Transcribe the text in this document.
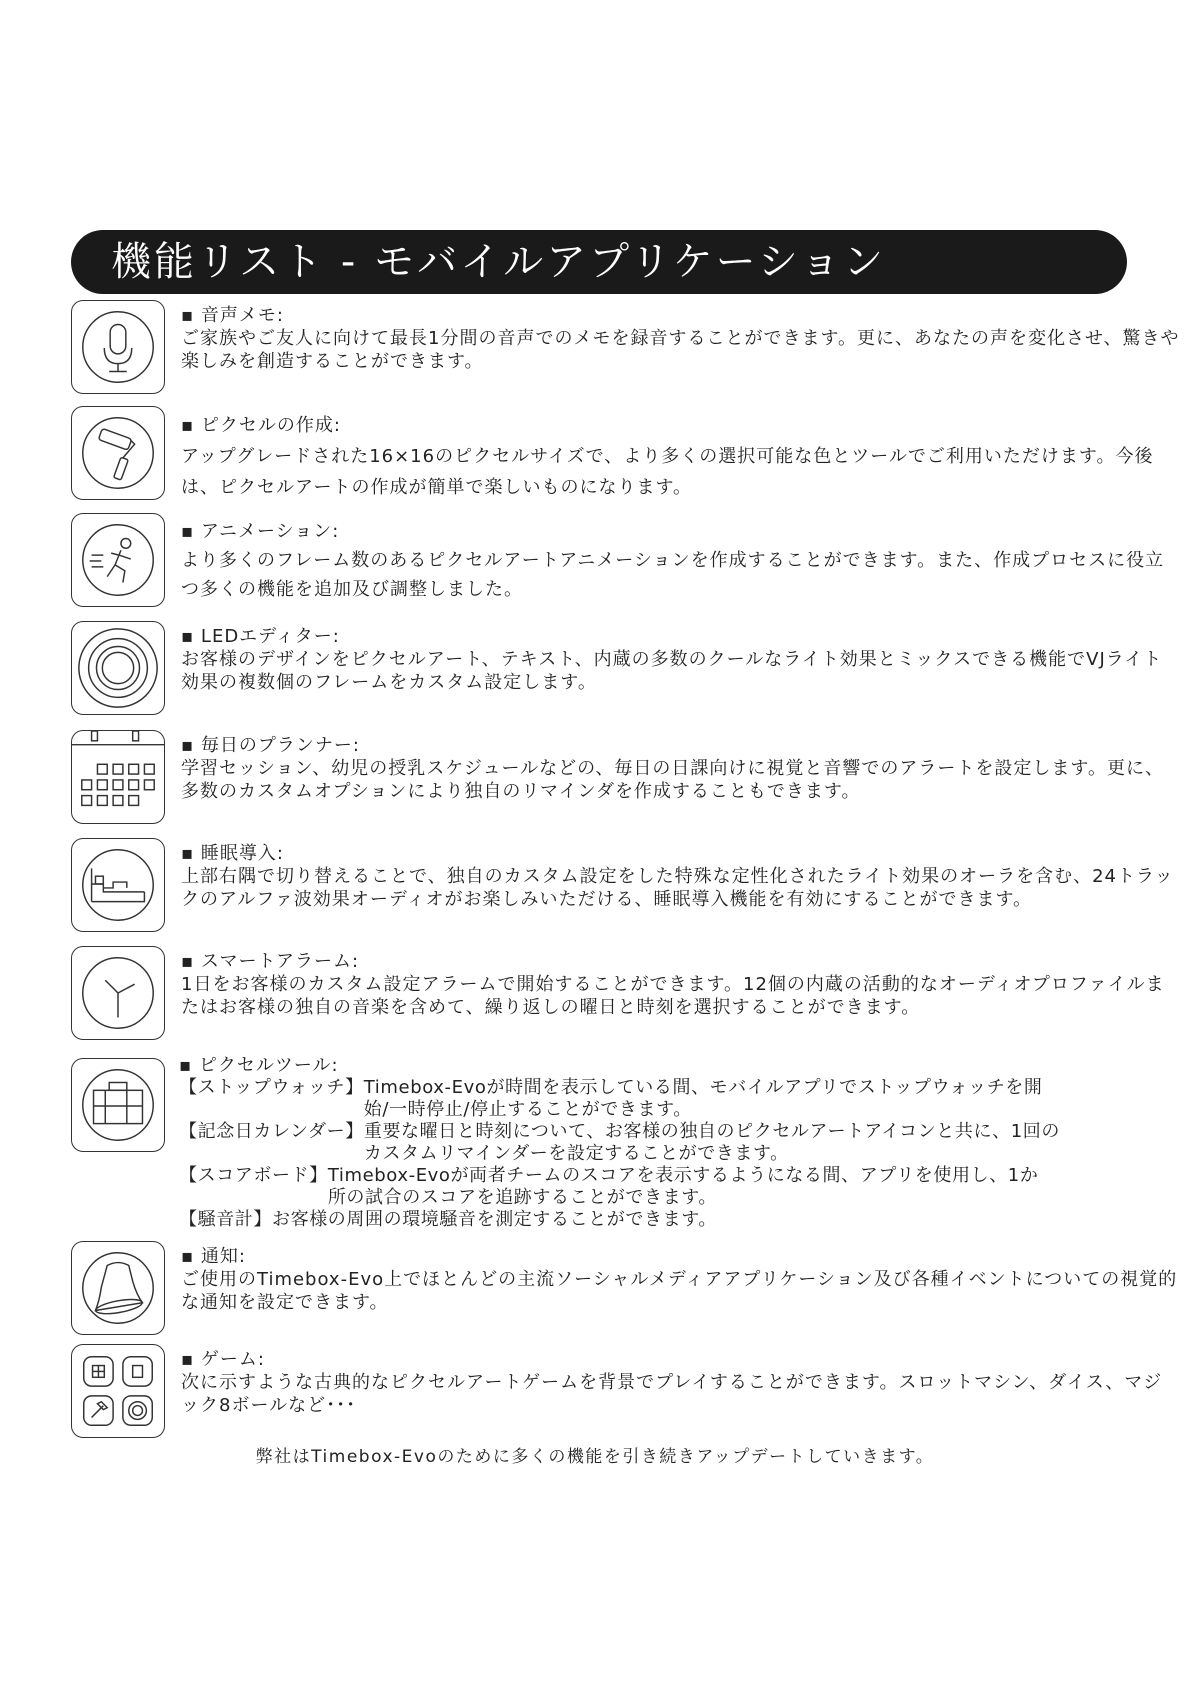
機能リスト - モバイルアプリケーション
▪ 音声メモ:
ご家族やご友人に向けて最長1分間の音声でのメモを録音することができます。更に、あなたの声を変化させ、驚きや楽しみを創造することができます。
▪ ピクセルの作成:
アップグレードされた16×16のピクセルサイズで、より多くの選択可能な色とツールでご利用いただけます。今後は、ピクセルアートの作成が簡単で楽しいものになります。
▪ アニメーション:
より多くのフレーム数のあるピクセルアートアニメーションを作成することができます。また、作成プロセスに役立つ多くの機能を追加及び調整しました。
▪ LEDエディター:
お客様のデザインをピクセルアート、テキスト、内蔵の多数のクールなライト効果とミックスできる機能でVJライト効果の複数個のフレームをカスタム設定します。
▪ 毎日のプランナー:
学習セッション、幼児の授乳スケジュールなどの、毎日の日課向けに視覚と音響でのアラートを設定します。更に、多数のカスタムオプションにより独自のリマインダを作成することもできます。
▪ 睡眠導入:
上部右隅で切り替えることで、独自のカスタム設定をした特殊な定性化されたライト効果のオーラを含む、24トラックのアルファ波効果オーディオがお楽しみいただける、睡眠導入機能を有効にすることができます。
▪ スマートアラーム:
1日をお客様のカスタム設定アラームで開始することができます。12個の内蔵の活動的なオーディオプロファイルまたはお客様の独自の音楽を含めて、繰り返しの曜日と時刻を選択することができます。
▪ ピクセルツール:
【ストップウォッチ】 Timebox-Evoが時間を表示している間、モバイルアプリでストップウォッチを開始/一時停止/停止することができます。
【記念日カレンダー】 重要な曜日と時刻について、お客様の独自のピクセルアートアイコンと共に、1回のカスタムリマインダーを設定することができます。
【スコアボード】 Timebox-Evoが両者チームのスコアを表示するようになる間、アプリを使用し、1か所の試合のスコアを追跡することができます。
【騒音計】 お客様の周囲の環境騒音を測定することができます。
▪ 通知:
ご使用のTimebox-Evo上でほとんどの主流ソーシャルメディアアプリケーション及び各種イベントについての視覚的な通知を設定できます。
▪ ゲーム:
次に示すような古典的なピクセルアートゲームを背景でプレイすることができます。スロットマシン、ダイス、マジック8ボールなど･･･
弊社はTimebox-Evoのために多くの機能を引き続きアップデートしていきます。
